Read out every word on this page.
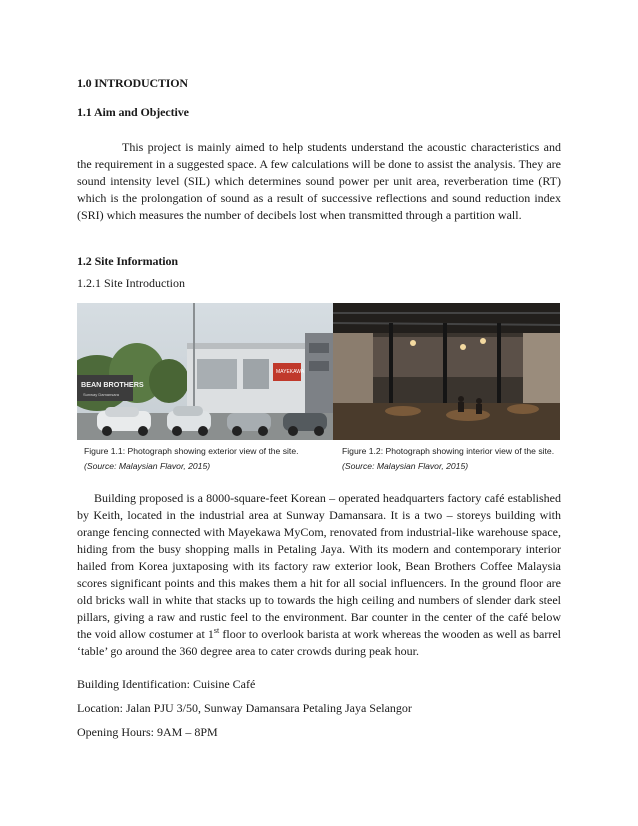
1.0 INTRODUCTION
1.1 Aim and Objective
This project is mainly aimed to help students understand the acoustic characteristics and the requirement in a suggested space. A few calculations will be done to assist the analysis. They are sound intensity level (SIL) which determines sound power per unit area, reverberation time (RT) which is the prolongation of sound as a result of successive reflections and sound reduction index (SRI) which measures the number of decibels lost when transmitted through a partition wall.
1.2 Site Information
1.2.1 Site Introduction
MAYEKAWA
BEAN BROTHERS
Sunway Damansara
Figure 1.1: Photograph showing exterior view of the site. (Source: Malaysian Flavor, 2015)
Figure 1.2: Photograph showing interior view of the site. (Source: Malaysian Flavor, 2015)
Building proposed is a 8000-square-feet Korean – operated headquarters factory café established by Keith, located in the industrial area at Sunway Damansara. It is a two – storeys building with orange fencing connected with Mayekawa MyCom, renovated from industrial-like warehouse space, hiding from the busy shopping malls in Petaling Jaya. With its modern and contemporary interior hailed from Korea juxtaposing with its factory raw exterior look, Bean Brothers Coffee Malaysia scores significant points and this makes them a hit for all social influencers. In the ground floor are old bricks wall in white that stacks up to towards the high ceiling and numbers of slender dark steel pillars, giving a raw and rustic feel to the environment. Bar counter in the center of the café below the void allow costumer at 1st floor to overlook barista at work whereas the wooden as well as barrel ‘table’ go around the 360 degree area to cater crowds during peak hour.
Building Identification: Cuisine Café
Location: Jalan PJU 3/50, Sunway Damansara Petaling Jaya Selangor
Opening Hours: 9AM – 8PM
